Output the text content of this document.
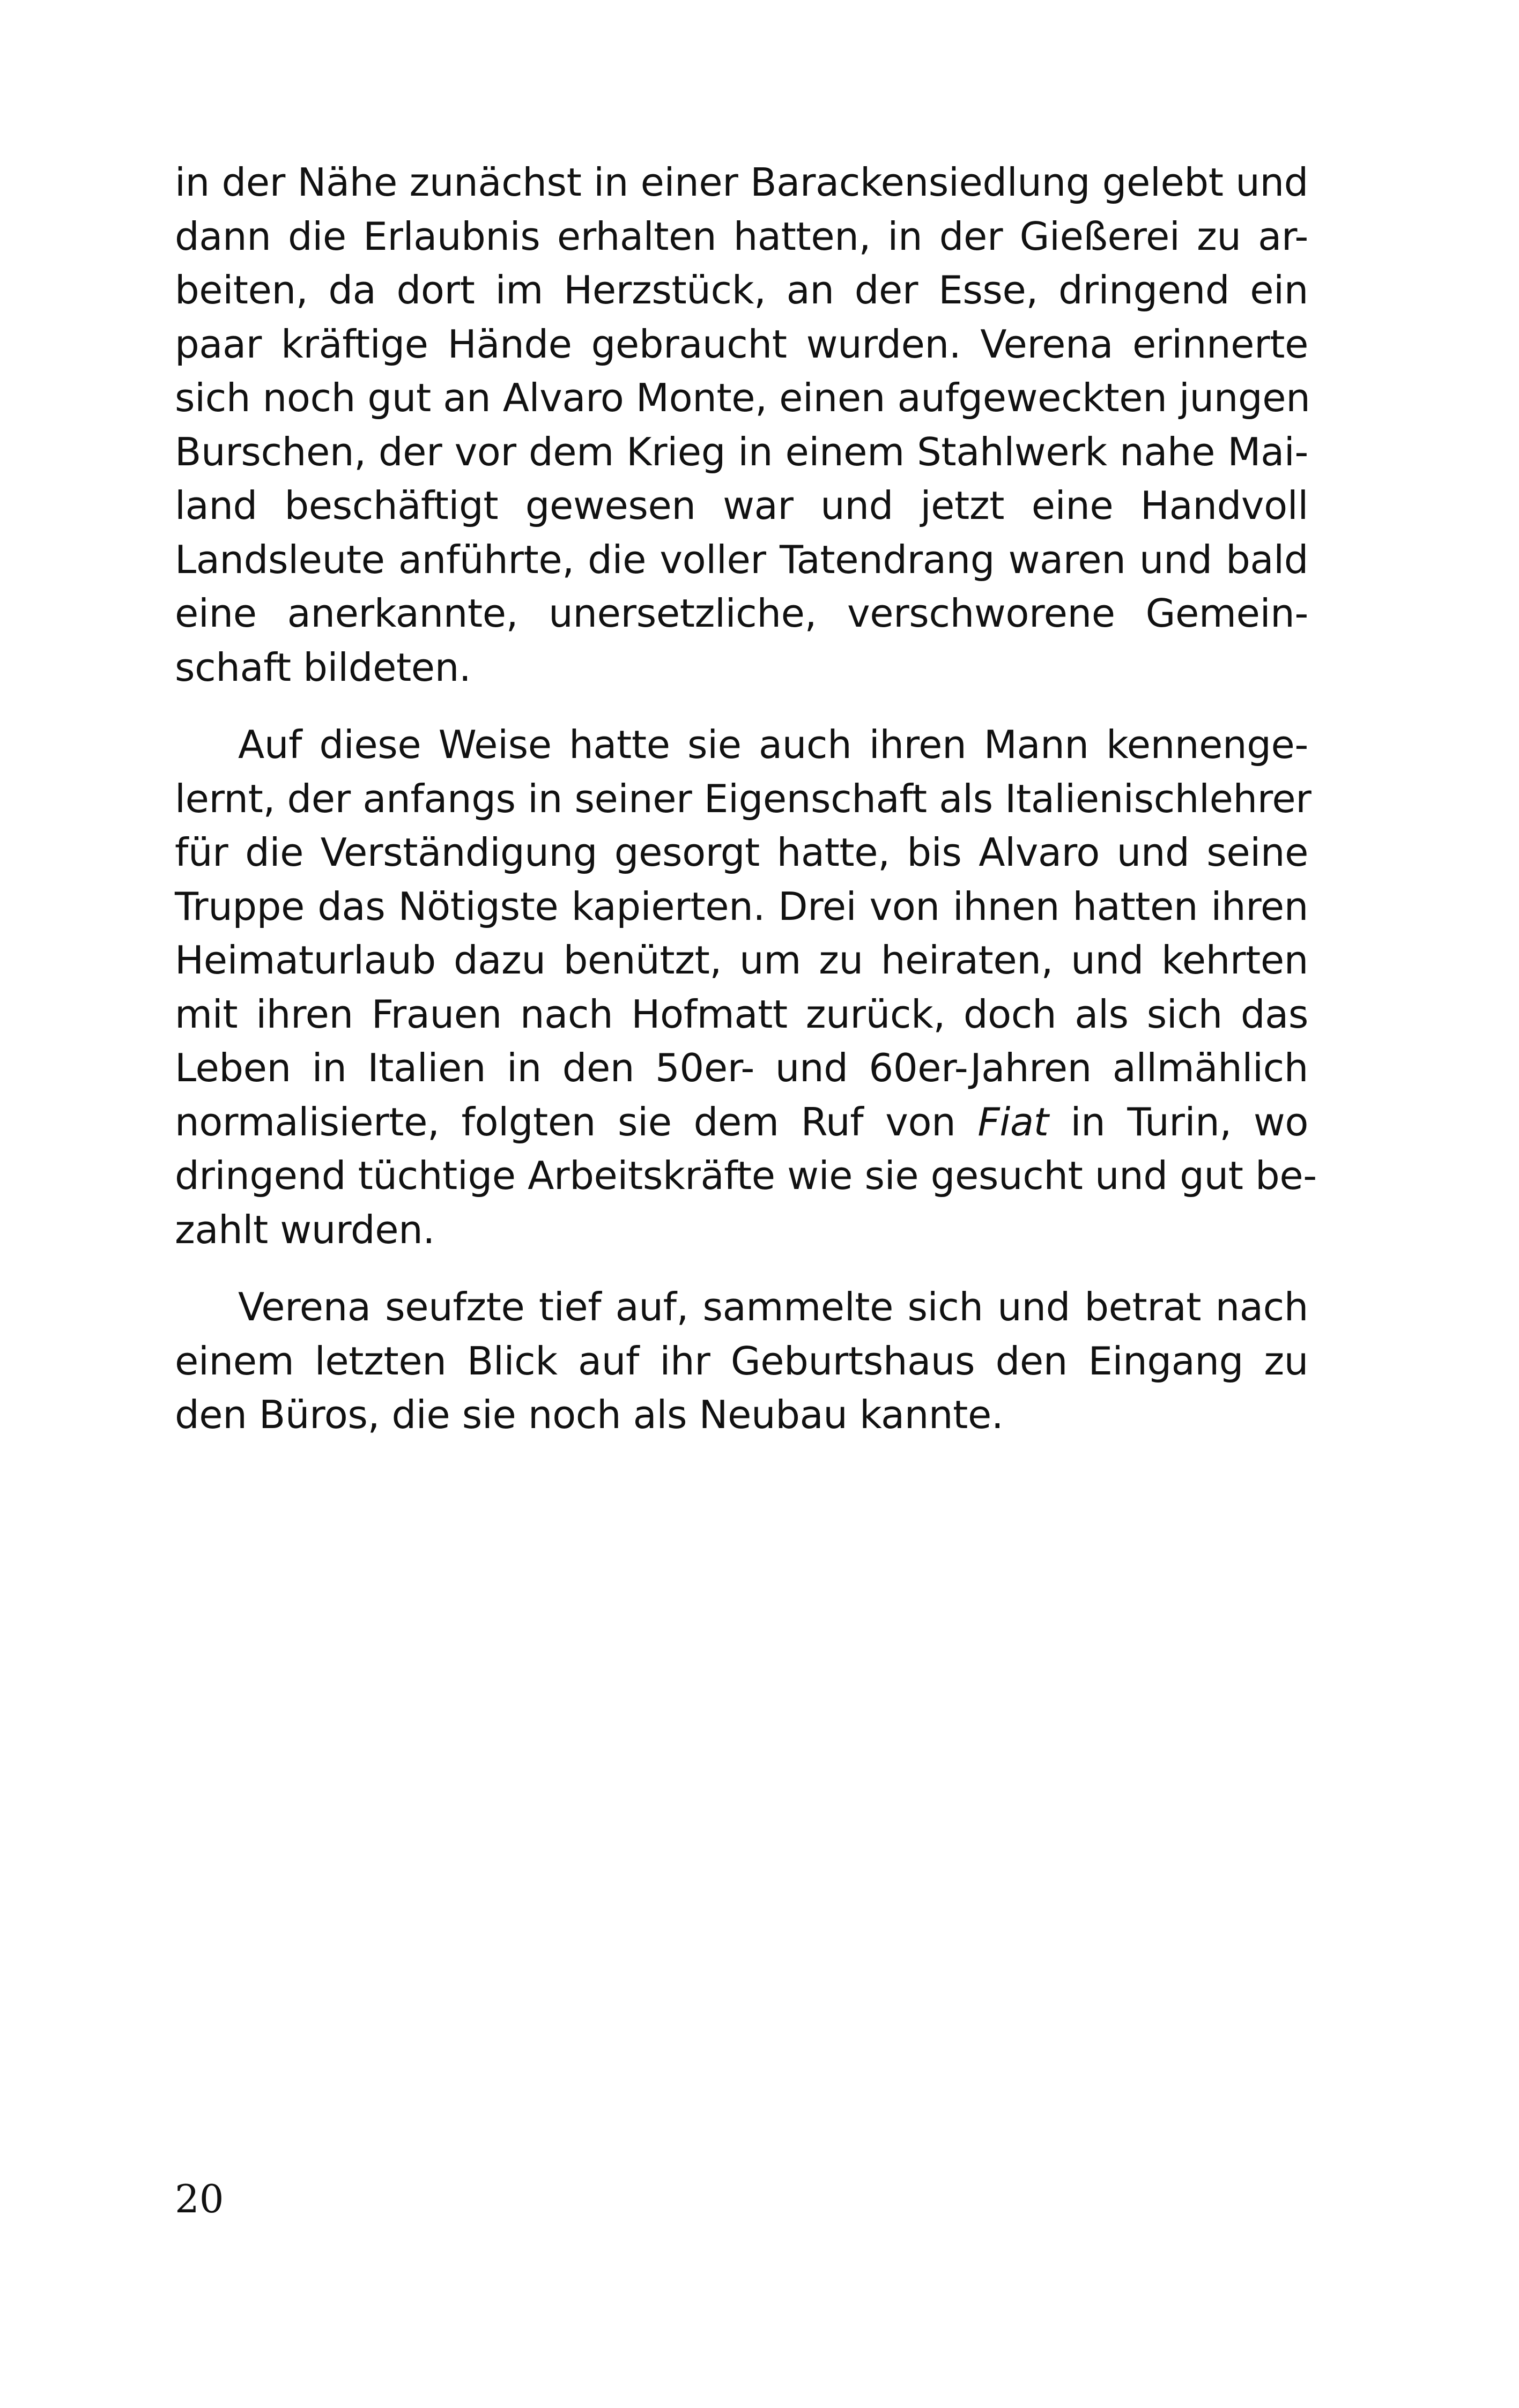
in der Nähe zunächst in einer Barackensiedlung gelebt und
dann die Erlaubnis erhalten hatten, in der Gießerei zu ar-
beiten, da dort im Herzstück, an der Esse, dringend ein
paar kräftige Hände gebraucht wurden. Verena erinnerte
sich noch gut an Alvaro Monte, einen aufgeweckten jungen
Burschen, der vor dem Krieg in einem Stahlwerk nahe Mai-
land beschäftigt gewesen war und jetzt eine Handvoll
Landsleute anführte, die voller Tatendrang waren und bald
eine anerkannte, unersetzliche, verschworene Gemein-
schaft bildeten.
Auf diese Weise hatte sie auch ihren Mann kennenge-
lernt, der anfangs in seiner Eigenschaft als Italienischlehrer
für die Verständigung gesorgt hatte, bis Alvaro und seine
Truppe das Nötigste kapierten. Drei von ihnen hatten ihren
Heimaturlaub dazu benützt, um zu heiraten, und kehrten
mit ihren Frauen nach Hofmatt zurück, doch als sich das
Leben in Italien in den 50er- und 60er-Jahren allmählich
normalisierte, folgten sie dem Ruf von Fiat in Turin, wo
dringend tüchtige Arbeitskräfte wie sie gesucht und gut be-
zahlt wurden.
Verena seufzte tief auf, sammelte sich und betrat nach
einem letzten Blick auf ihr Geburtshaus den Eingang zu
den Büros, die sie noch als Neubau kannte.
20
